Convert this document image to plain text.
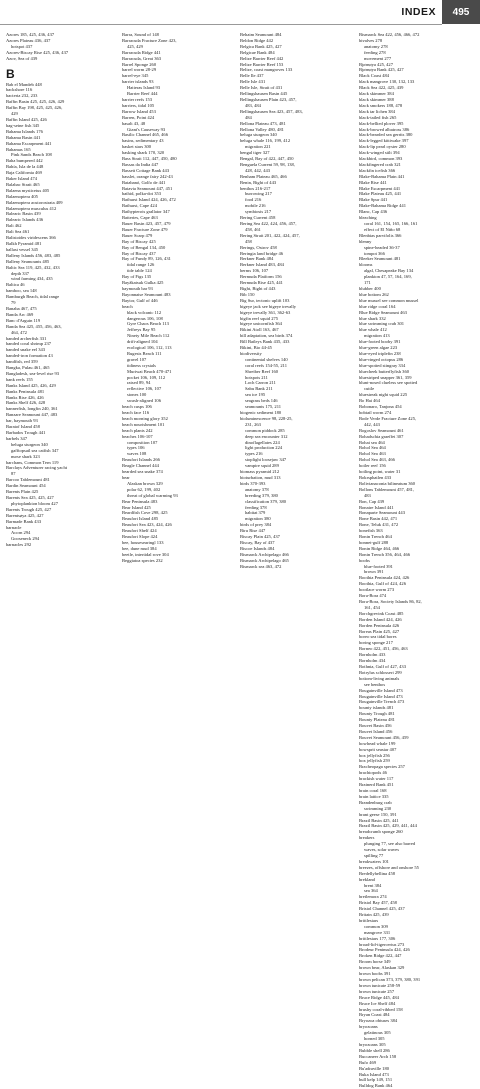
INDEX	495
Azores 185, 425, 436, 437
Azores Plateau 436, 437
hotspot 437
Azores-Biscay Rise 425, 436, 437
Azov, Sea of 439
B
Bab el Mandeb 448
backshore 116
bacteria 232, 233
Baffin Basin 425, 425, 426, 429
Baffin Bay 198, 425, 425, 426,
429
Baffin Island 425, 426
bag-seine fish 345
Bahama Islands 176
Bahama Basin 441
Bahama Escarpment 441
Bahamas 165
Pink Sands Beach 108
Baha bumpered 442
Bahía, Isla de la 448
Baja California 469
Baker Island 474
Balabac Strait 465
Balaena mysticetus 405
Balaenoptera 405
Balaenoptera acutorostrata 409
Balaenoptera musculus 412
Balearic Basin 439
Balearic Islands 436
Bali 462
Bali Sea 461
Balistoides viridescens 366
Balkh Pyramid 481
ballast vessel 345
Balleny Islands 456, 483, 485
Balleny Seamounts 485
Baltic Sea 119, 425, 432, 433
depth 337
wind farming 434, 435
Baltica 46
bamboo, sea 148
Bamburgh Beach, tidal range
79
Banaba 467, 475
Banda Arc 469
Banc d'Arguin 119
Banda Sea 425, 455, 456, 463,
464, 472
banded archerfish 331
banded coral shrimp 237
banded snake eel 343
banded-iron formation 43
bandfish, red 359
Bangka, Pulau 461, 465
Bangladesh, sea-level rise 93
bank reefs 155
Banks Island 425, 426, 429
Banks Peninsula 481
Banks Rise 426, 426
Banks Shelf 426, 428
bannerfish, longfin 240, 361
Banzare Seamount 447, 483
bar, baymouth 93
Baratof Island 458
Barbados Trough 441
barbels 347
beluga sturgeon 340
gafftopsail sea catfish 347
nurse shark 323
barchans, Common Tern 119
Barclays Adventurer racing yacht
87
Barcoo Tablemount 481
Bardin Seamount 454
Barents Plain 425
Barents Sea 425, 425, 427
phytoplankton bloom 427
Barents Trough 425, 427
Barentsøya 425, 427
Barmade Bank 433
barnacle
Acorn 294
Gooseneck 294
barnacles 292
Barra, Sound of 148
Barracuda Fracture Zone 423,
425, 429
Barracuda Ridge 441
Barracuda, Great 363
Barrel Sponge 260
barrel worm 28-29
barrel-eye 345
barrier islands 93
Hatteras Island 93
Barrier Reef 444
barrier reefs 153
barriers, tidal 105
Barrow Island 453
Barren, Point 424
basalt 43, 48
Giant's Causeway 93
Basilic Channel 465, 466
basins, sedimentary 43
basket stars 300
basking shark 170, 320
Bass Strait 112, 447, 450, 480
Bassas da India 447
Bassett Cottage Bank 443
basslet, orange fairy 242-43
Batabanó, Golfo de 441
Batavia Seamount 447, 451
bathid, polka-dot 353
Bathurst Island 424, 426, 472
Bathurst, Cape 424
Bathypterois grallator 347
Batteries, Cape 463
Bauer Basin 423, 457, 479
Bauer Fracture Zone 479
Bauer Scarp 479
Bay of Biscay 425
Bay of Bengal 134, 450
Bay of Biscay 437
Bay of Fundy 89, 126, 431
tidal range 126
tide table 124
Bay of Figs 135
Bayākatsuk Gulka 425
baymouth bar 93
Bayonnaise Seamount 483
Baytor, Gulf of 446
beach
black volcanic 112
dangerous 106, 108
Gyre Chaos Beach 113
Jeffreys Bay 95
Ninety Mile Beach 112
drift-aligned 104
ecological 106, 112, 113
Rugesis Beach 111
gravel 107
tidiness crystals
Muriwai Beach 470-471
pocket 106, 109, 112
raised 89, 94
reflective 106, 107
stones 100
swash-aligned 106
beach cusps 106
beach face 116
beach morning glory 352
beach nourishment 101
beach plants 242
beaches 106-107
composition 107
types 106
waves 108
Beaufort Islands 266
Beagle Channel 444
bearded sea snake 374
bear
Alaskan brown 329
polar 62, 199, 402
threat of global warming 93
Bear Peninsula 483
Bear Island 425
Beardfish Cove 298, 425
Beaufort Island 485
Beaufort Sea 423, 424, 426
Beaufort Shelf 424
Beaufort Slope 424
bee, housesearingl 133
bee, dune mud 384
beetle, intertidal rove 304
Beggiatoa species 232
Behaim Seamount 484
Beldon Ridge 442
Belgica Bank 425, 427
Belgicae Bank 484
Belize Barrier Reef 442
Belize Barrier Reef 153
Belize, coast mangroves 133
Belle Ile 437
Belle Isle 431
Belle Isle, Strait of 431
Bellingshausen Basin 445
Bellingshausen Plain 423, 457,
483, 484
Bellingshausen Sea 423, 457, 483,
484
Bellona Plateau 473, 481
Bellona Valley 480, 481
beluga sturgeon 340
beluga whale 116, 199, 412
migration 221
bengal tiger 327
Bengal, Bay of 422, 447, 450
Benguela Current 59, 98, 138,
428, 442, 443
Benham Plateau 465, 466
Benin, Bight of 443
benthos 216-217
burrowing 217
food 216
mobile 216
symbiosis 217
Bering Current 458
Bering Sea 422, 424, 456, 457,
458, 461
Bering Strait 201, 422, 424, 457,
458
Berings, Ostrov 458
Beringia land bridge 46
Berkner Bank 484
Berkner Island 483, 484
berms 106, 107
Bermuda Platform 156
Bermuda Rise 425, 441
Bight, Bight of 443
Bib 150
Big Sur, tectonic uplift 103
bigeye jack see bigeye trevally
bigeye trevally 361, 362-63
bigfin reef squid 275
bigeye unicornfish 364
Bikini Atoll 163, 467
bill adaptation, sea birds 374
Bill Baileys Bank 435, 433
Bikini, Bio 44-45
biodiversity
continental shelves 140
coral reefs 154-55, 211
Shreiber Reef 160
hotspots 211
Loch Carron 211
Sabu Bank 211
sea ice 195
seagrass beds 146
seamounts 175, 211
biogenic sediment 180
bioluminescence 98, 228-25,
231, 263
common piddock 285
deep sea encounter 312
dinoflagellates 224
light production 224
types 216
stoplight loosejaw 347
vampire squid 289
biomass pyramid 212
bioturbation, mud 313
birds 370-393
anatomy 378
breeding 379, 380
classification 379, 380
feeding 378
habitat 379
migration 380
birds of prey 384
Biru Rise 447
Biscay Plain 425, 437
Biscay, Bay of 437
Biscoe Islands 484
Bismarck Archipelago 466
Bismarck Archipelago 465
Bismarck sea 463, 472
Bismarck Sea 422, 456, 466, 472
bivalves 278
anatomy 278
feeding 278
movement 277
Bjørnøya 425, 427
Bjørnøya Bank 425, 427
Black Coast 484
black mangrove 130, 132, 133
Black Sea 422, 425, 439
black skimmer 384
black skimmer 388
black smokers 188, 478
black tar lichen 384
black-tailed fish 265
black-bellied plover 395
black-browed albatross 386
black-bearded sea gerrits 380
black-legged kittiwake 397
black-lip pearl oyster 280
black-winged stilt 394
blackbird, common 393
blackfingered crab 321
blackfin icefish 366
Blake-Bahama Plain 441
Blake Rise 441
Blake Escarpment 441
Blake Plateau 425, 441
Blake Spur 441
Blake-Bahama Ridge 441
Blanc, Cap 436
bleaching
coral 161, 154, 165, 166, 161
effect of El Niño 68
Blenbias parvifolis 366
blenny
spine-headed 36-37
tompot 366
Bleeker Seamount 481
blooms
algal, Chesapeake Bay 134
plankton 47, 57, 164, 169,
171
blubber 400
blue bottom 262
blue mussel see common mussel
blue ridge coral 164
Blue Ridge Seamount 463
blue shark 332
blue swimming crab 301
blue whale 412
migration 413
blue-footed booby 391
blue-green algae 223
blue-eyed triplefin 238
blue-ringed octopus 286
blue-spotted stingray 334
bluecheek butterflyfish 360
bluestriped snapper 361, 359
blunt-nosed clueless see spotted
cuttle
bluestreak night squid 225
Bo Hai 464
Bobonaro, Tanjona 454
bobtail worm 274
Bode Verde Fracture Zone 425,
442, 443
Bogoslov Seamount 461
Bohadschia graeffei 307
Bohai sea 464
Bohol Sea 464
Bohol Sea 463
Bohol Sea 463, 466
boiler reef 156
boiling point, water 31
Bokrsphatlen 433
Bolivianaconia bilineatum 360
Bollons Tablemount 457, 481,
483
Bon, Cap 439
Bonaire Island 441
Bonaparte Seamount 443
Bone Basin 442, 471
Bone, Teluk 431, 472
bonefish 363
Bonin Trench 464
bonnet-gulf 288
Bonin Ridge 464, 466
Bonin Trench 356, 464, 466
boobs
blue-footed 391
brown 391
Boothia Peninsula 424, 426
Boothia, Gulf of 424, 426
bootlace worm 273
Bora-Bora 474
Bora-Bora, Society Islands 86, 82,
161, 454
Borchgrevink Coast 485
Borden Island 424, 426
Borden Peninsula 426
Boreas Plain 425, 427
boreo sea tidal bores
boring sponge 217
Borneo 422, 451, 456, 463
Bornholm 433
Bornholm 434
Bothnia, Gulf of 427, 433
Botrylus schlosseri 299
bottom-living animals
see benthos
Bougainville Island 473
Bougainville Island 473
Bougainville Trench 473
bounty islands 481
Bounty Trough 481
Bounty Plateau 481
Bouvet Basin 456
Bouvet Island 456
Bouvet Seamount 456, 459
bowhead whale 199
bowsprit seastar 407
box jellyfish 256
box jellyfish 259
Bracheopaga species 257
brachiopods 46
brackish water 117
Brainerd Bank 451
brain coral 168
brain lattice 335
Brandenburg crab
swimming 230
brant geese 150, 391
Brazil Basin 425, 441
Brazil Basin 425, 429, 441, 444
breadcrumb sponge 260
breakers
plunging 77, see also barred
waves, solar waves
spilling 77
breakwaters 101
breezes, offshore and onshore 55
Bredellyhellina 458
brekland
brent 384
sea 364
bretlemora 274
Bristol Bay 457, 458
Bristol Channel 425, 437
Britain 425, 439
brittlestars
common 309
mangrove 331
brittlestars 177, 306
broad-lid-tigercertus 273
Brodeur Peninsula 424, 426
Broken Ridge 422, 447
Broom horse 349
brown bear, Alaskan 329
brown boobs 391
brown pelican 373, 379, 380, 391
brown tunicate 258-59
brown tunicate 257
Bruce Ridge 445, 484
Bruce Ice Shelf 484
brushy coral-ribbed 158
Bryan Coast 484
Bryozoa obtuses 384
bryozoans
gelatinous 305
horned 305
bryozoans 305
Bubble shell 286
Buccaneer Arch 158
Bufo 469
Bu'adraville 180
Buka Island 473
bull kelp 149, 151
Bulldog Bank 464
